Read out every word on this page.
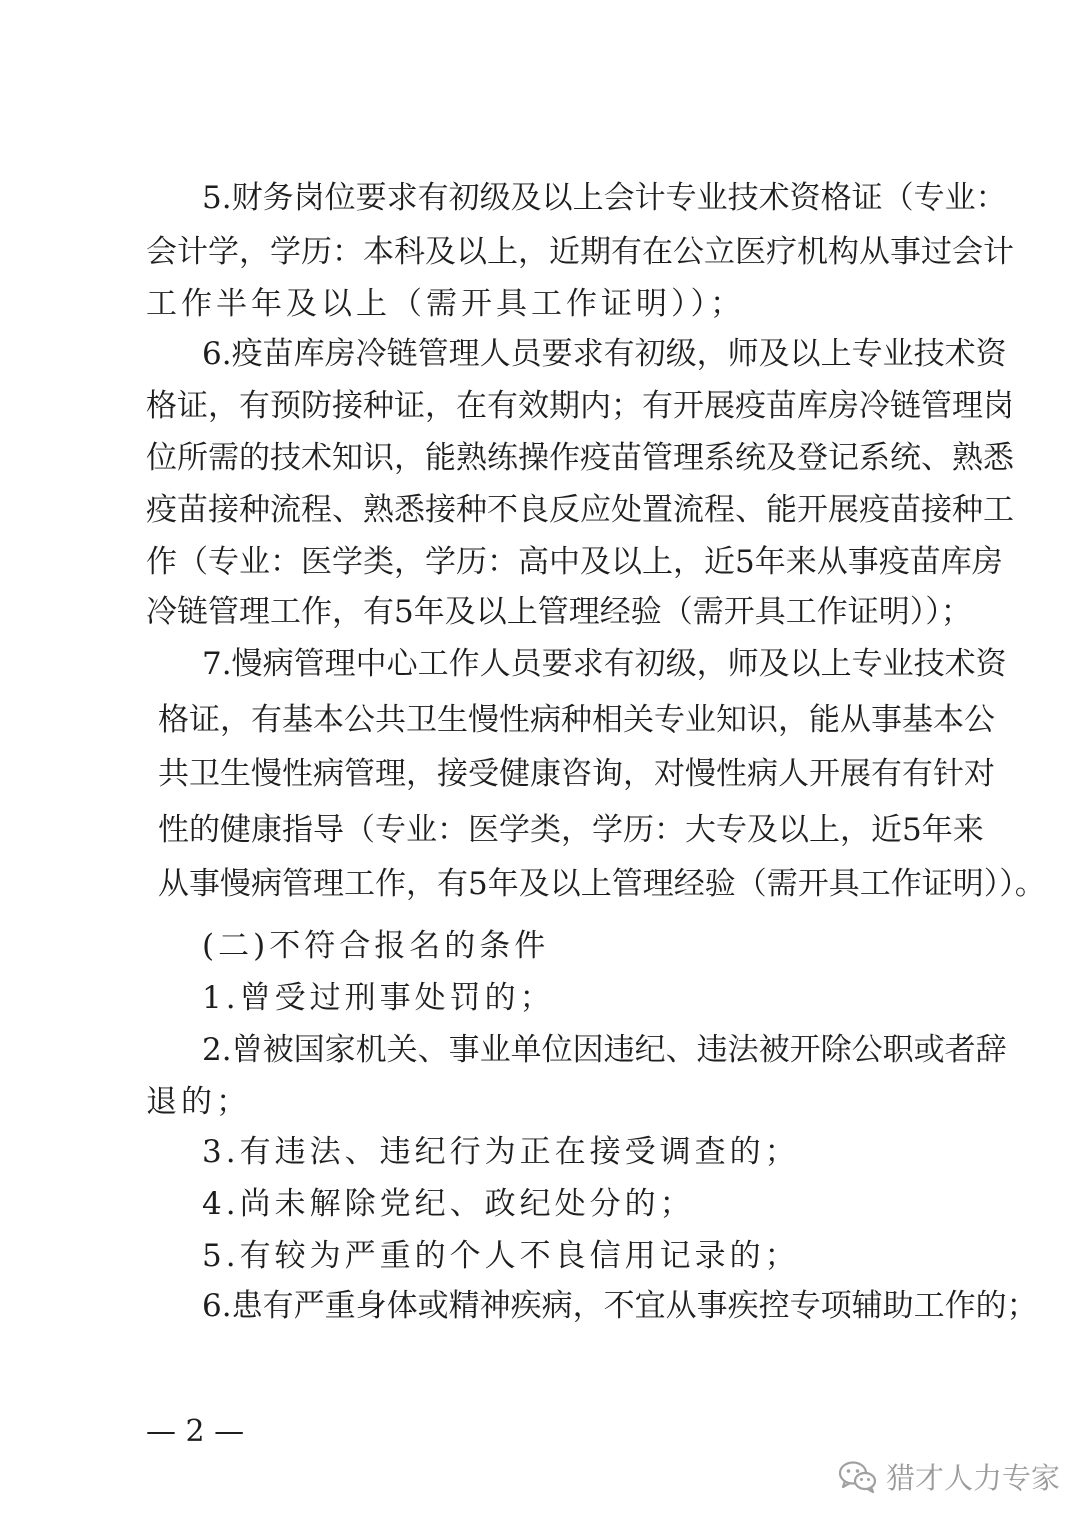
5.财务岗位要求有初级及以上会计专业技术资格证（专业：
会计学，学历：本科及以上，近期有在公立医疗机构从事过会计
工作半年及以上（需开具工作证明））；
6.疫苗库房冷链管理人员要求有初级，师及以上专业技术资
格证，有预防接种证，在有效期内；有开展疫苗库房冷链管理岗
位所需的技术知识，能熟练操作疫苗管理系统及登记系统、熟悉
疫苗接种流程、熟悉接种不良反应处置流程、能开展疫苗接种工
作（专业：医学类，学历：高中及以上，近5年来从事疫苗库房
冷链管理工作，有5年及以上管理经验（需开具工作证明））；
7.慢病管理中心工作人员要求有初级，师及以上专业技术资
格证，有基本公共卫生慢性病种相关专业知识，能从事基本公
共卫生慢性病管理，接受健康咨询，对慢性病人开展有有针对
性的健康指导（专业：医学类，学历：大专及以上，近5年来
从事慢病管理工作，有5年及以上管理经验（需开具工作证明））。
(二)不符合报名的条件
1.曾受过刑事处罚的；
2.曾被国家机关、事业单位因违纪、违法被开除公职或者辞
退的；
3.有违法、违纪行为正在接受调查的；
4.尚未解除党纪、政纪处分的；
5.有较为严重的个人不良信用记录的；
6.患有严重身体或精神疾病，不宜从事疾控专项辅助工作的；
— 2 —
猎才人力专家
